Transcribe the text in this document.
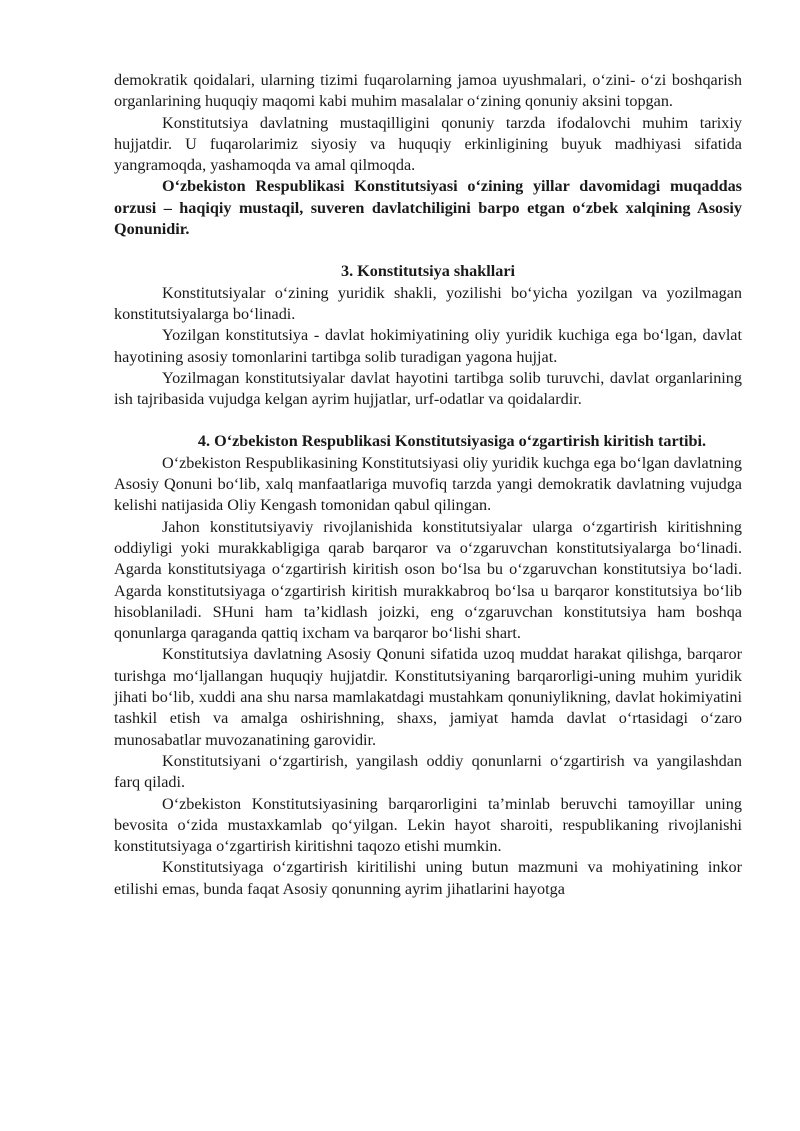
demokratik qoidalari, ularning tizimi fuqarolarning jamoa uyushmalari, o‘zini- o‘zi boshqarish organlarining huquqiy maqomi kabi muhim masalalar o‘zining qonuniy aksini topgan.

Konstitutsiya davlatning mustaqilligini qonuniy tarzda ifodalovchi muhim tarixiy hujjatdir. U fuqarolarimiz siyosiy va huquqiy erkinligining buyuk madhiyasi sifatida yangramoqda, yashamoqda va amal qilmoqda.

O‘zbekiston Respublikasi Konstitutsiyasi o‘zining yillar davomidagi muqaddas orzusi – haqiqiy mustaqil, suveren davlatchiligini barpo etgan o‘zbek xalqining Asosiy Qonunidir.

3. Konstitutsiya shakllari

Konstitutsiyalar o‘zining yuridik shakli, yozilishi bo‘yicha yozilgan va yozilmagan konstitutsiyalarga bo‘linadi.

Yozilgan konstitutsiya - davlat hokimiyatining oliy yuridik kuchiga ega bo‘lgan, davlat hayotining asosiy tomonlarini tartibga solib turadigan yagona hujjat.

Yozilmagan konstitutsiyalar davlat hayotini tartibga solib turuvchi, davlat organlarining ish tajribasida vujudga kelgan ayrim hujjatlar, urf-odatlar va qoidalardir.

4. O‘zbekiston Respublikasi Konstitutsiyasiga o‘zgartirish kiritish tartibi.

O‘zbekiston Respublikasining Konstitutsiyasi oliy yuridik kuchga ega bo‘lgan davlatning Asosiy Qonuni bo‘lib, xalq manfaatlariga muvofiq tarzda yangi demokratik davlatning vujudga kelishi natijasida Oliy Kengash tomonidan qabul qilingan.

Jahon konstitutsiyaviy rivojlanishida konstitutsiyalar ularga o‘zgartirish kiritishning oddiyligi yoki murakkabligiga qarab barqaror va o‘zgaruvchan konstitutsiyalarga bo‘linadi. Agarda konstitutsiyaga o‘zgartirish kiritish oson bo‘lsa bu o‘zgaruvchan konstitutsiya bo‘ladi. Agarda konstitutsiyaga o‘zgartirish kiritish murakkabroq bo‘lsa u barqaror konstitutsiya bo‘lib hisoblaniladi. SHuni ham ta’kidlash joizki, eng o‘zgaruvchan konstitutsiya ham boshqa qonunlarga qaraganda qattiq ixcham va barqaror bo‘lishi shart.

Konstitutsiya davlatning Asosiy Qonuni sifatida uzoq muddat harakat qilishga, barqaror turishga mo‘ljallangan huquqiy hujjatdir. Konstitutsiyaning barqarorligi-uning muhim yuridik jihati bo‘lib, xuddi ana shu narsa mamlakatdagi mustahkam qonuniylikning, davlat hokimiyatini tashkil etish va amalga oshirishning, shaxs, jamiyat hamda davlat o‘rtasidagi o‘zaro munosabatlar muvozanatining garovidir.

Konstitutsiyani o‘zgartirish, yangilash oddiy qonunlarni o‘zgartirish va yangilashdan farq qiladi.

O‘zbekiston Konstitutsiyasining barqarorligini ta’minlab beruvchi tamoyillar uning bevosita o‘zida mustaxkamlab qo‘yilgan. Lekin hayot sharoiti, respublikaning rivojlanishi konstitutsiyaga o‘zgartirish kiritishni taqozo etishi mumkin.

Konstitutsiyaga o‘zgartirish kiritilishi uning butun mazmuni va mohiyatining inkor etilishi emas, bunda faqat Asosiy qonunning ayrim jihatlarini hayotga
